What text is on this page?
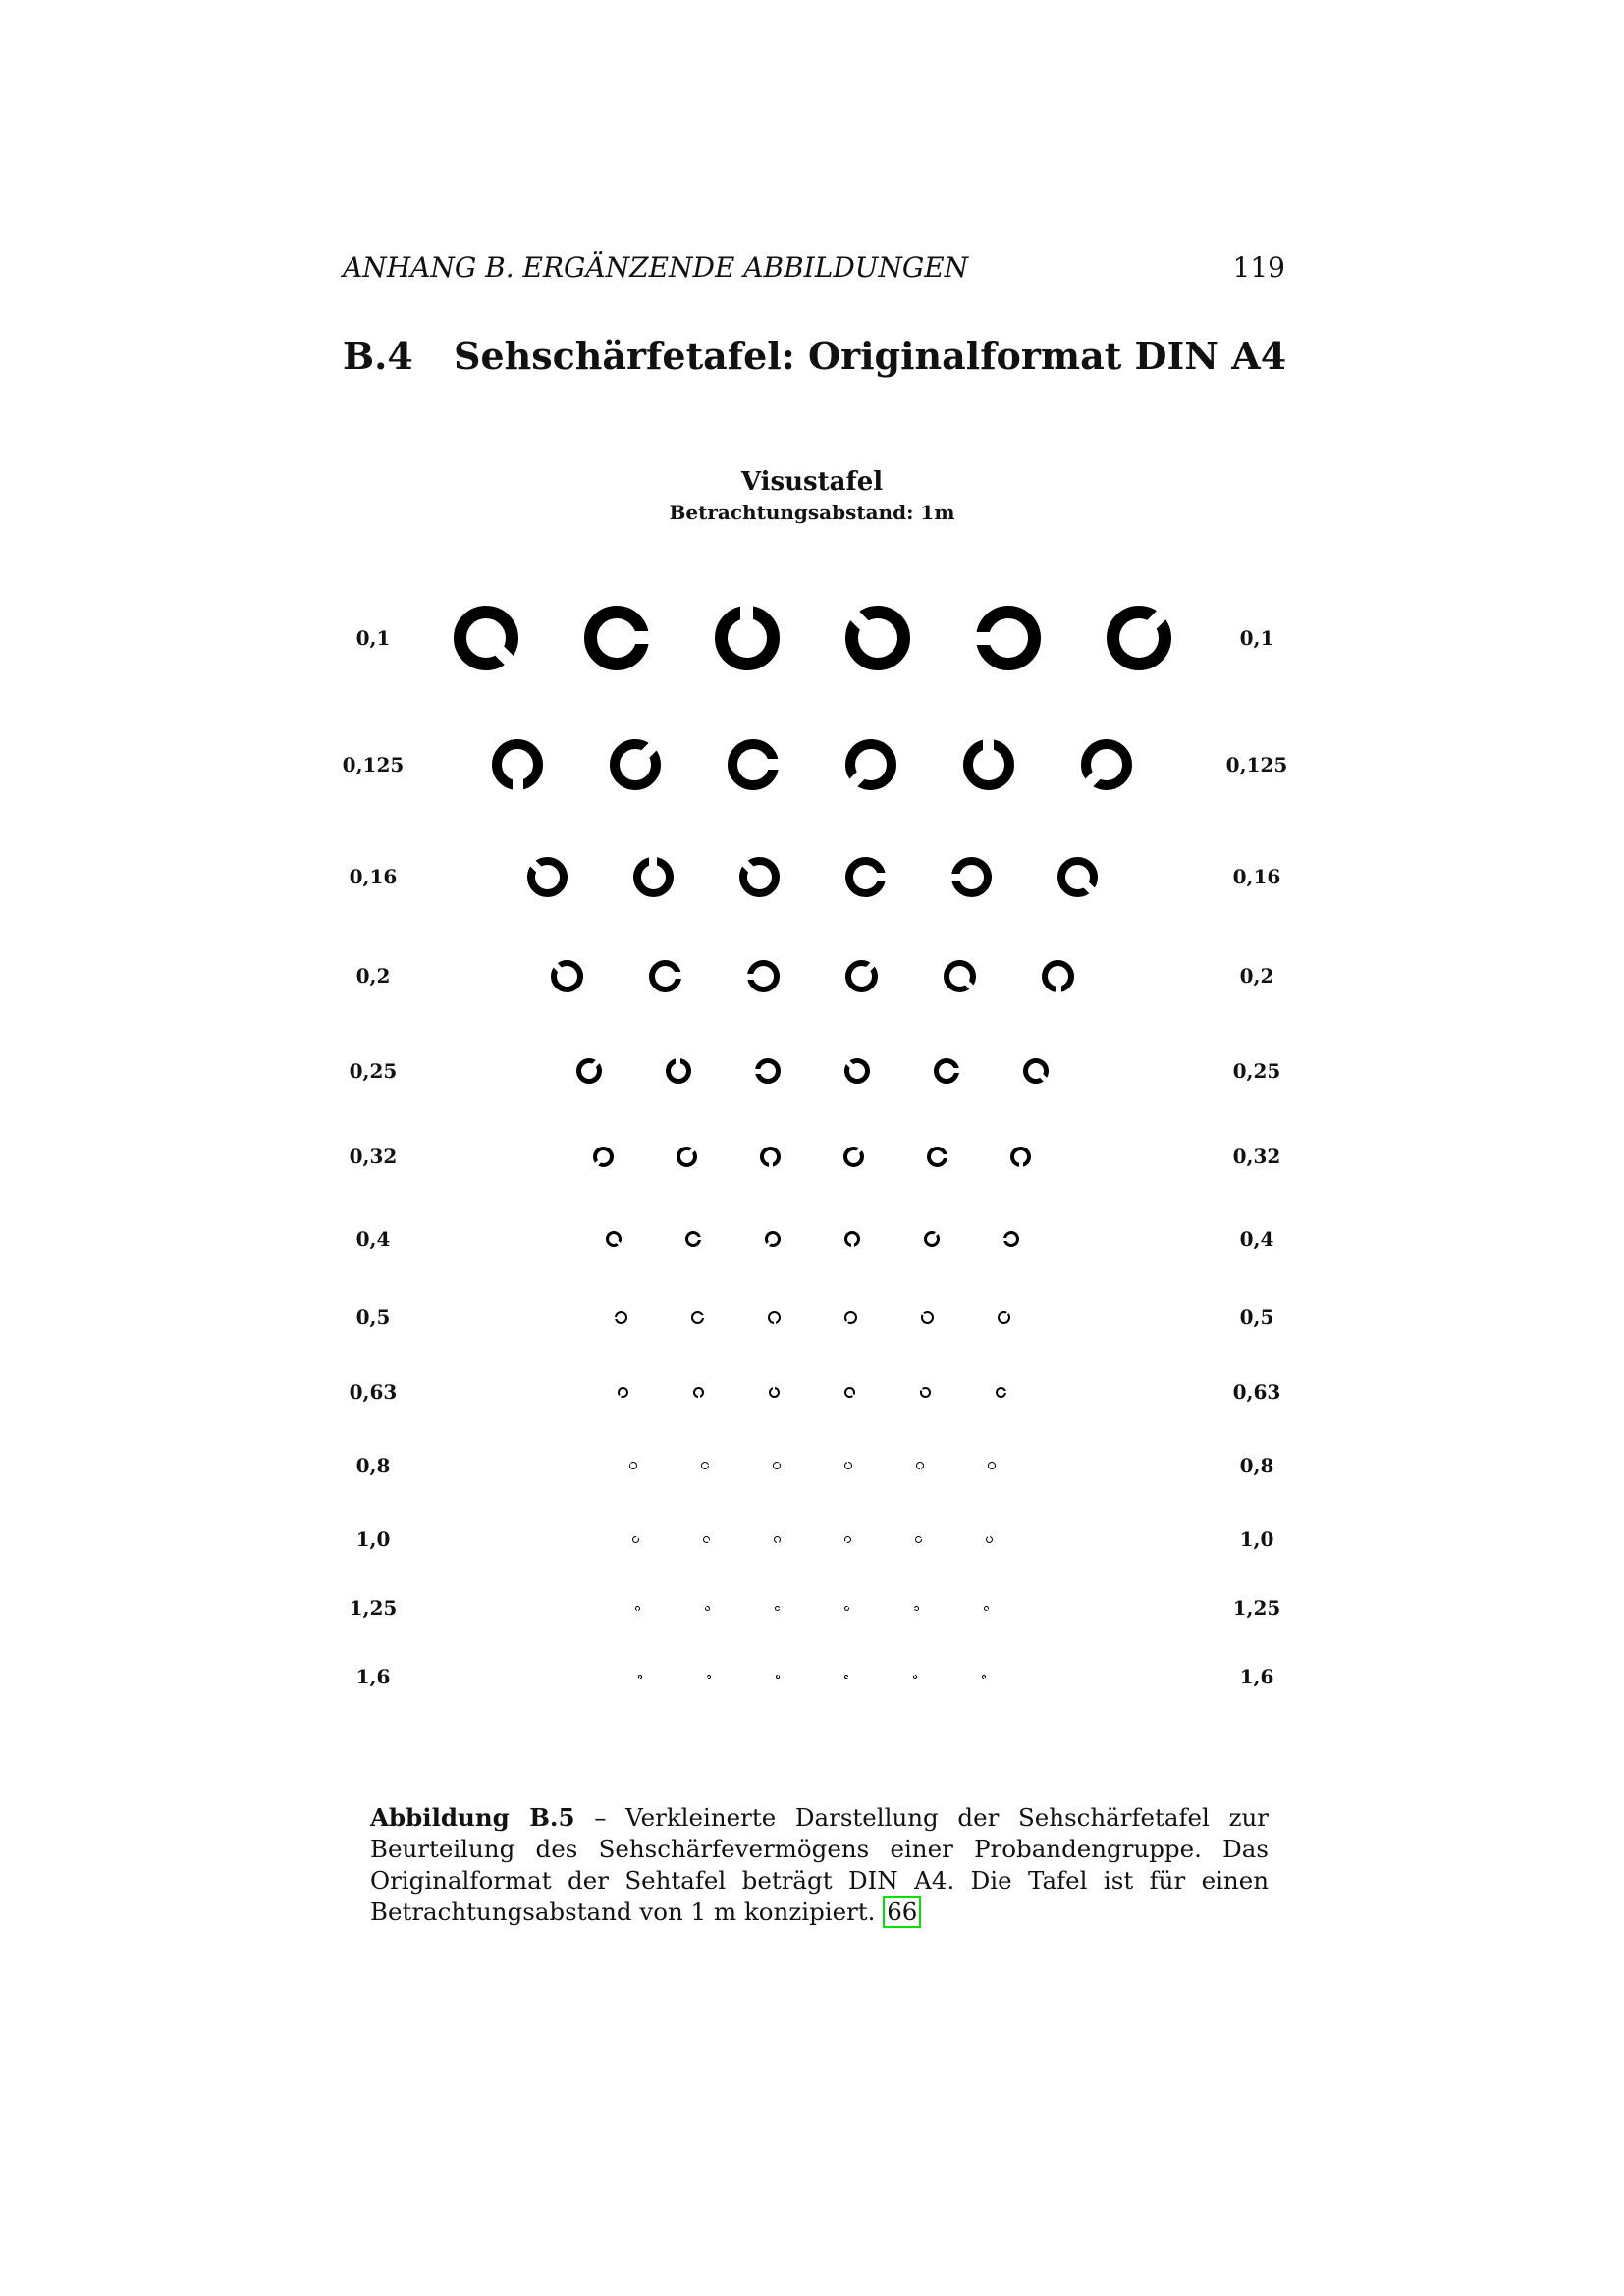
ANHANG B. ERGÄNZENDE ABBILDUNGEN	119
B.4 Sehschärfetafel: Originalformat DIN A4
Visustafel
Betrachtungsabstand: 1m
0,1	0,1
0,125	0,125
0,16	0,16
0,2	0,2
0,25	0,25
0,32	0,32
0,4	0,4
0,5	0,5
0,63	0,63
0,8	0,8
1,0	1,0
1,25	1,25
1,6	1,6
Abbildung B.5 – Verkleinerte Darstellung der Sehschärfetafel zur Beurteilung des Sehschärfevermögens einer Probandengruppe. Das Originalformat der Sehtafel beträgt DIN A4. Die Tafel ist für einen Betrachtungsabstand von 1 m konzipiert. 66
